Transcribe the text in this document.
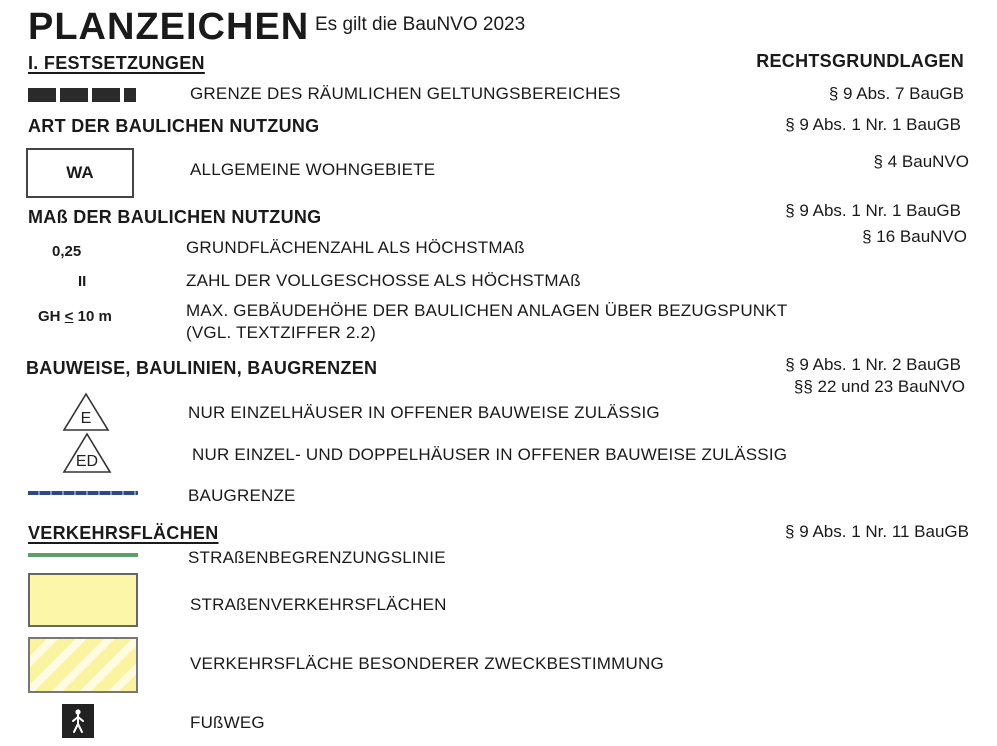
PLANZEICHEN Es gilt die BauNVO 2023
I. FESTSETZUNGEN	RECHTSGRUNDLAGEN
GRENZE DES RÄUMLICHEN GELTUNGSBEREICHES	§ 9 Abs. 7 BauGB
ART DER BAULICHEN NUTZUNG	§ 9 Abs. 1 Nr. 1 BauGB
WA	ALLGEMEINE WOHNGEBIETE	§ 4 BauNVO
MAß DER BAULICHEN NUTZUNG	§ 9 Abs. 1 Nr. 1 BauGB
§ 16 BauNVO
0,25	GRUNDFLÄCHENZAHL ALS HÖCHSTMAß
II	ZAHL DER VOLLGESCHOSSE ALS HÖCHSTMAß
GH < 10 m	MAX. GEBÄUDEHÖHE DER BAULICHEN ANLAGEN ÜBER BEZUGSPUNKT
(VGL. TEXTZIFFER 2.2)
BAUWEISE, BAULINIEN, BAUGRENZEN	§ 9 Abs. 1 Nr. 2 BauGB
§§ 22 und 23 BauNVO
E	NUR EINZELHÄUSER IN OFFENER BAUWEISE ZULÄSSIG
ED	NUR EINZEL- UND DOPPELHÄUSER IN OFFENER BAUWEISE ZULÄSSIG
BAUGRENZE
VERKEHRSFLÄCHEN	§ 9 Abs. 1 Nr. 11 BauGB
STRAßENBEGRENZUNGSLINIE
STRAßENVERKEHRSFLÄCHEN
VERKEHRSFLÄCHE BESONDERER ZWECKBESTIMMUNG
FUßWEG
